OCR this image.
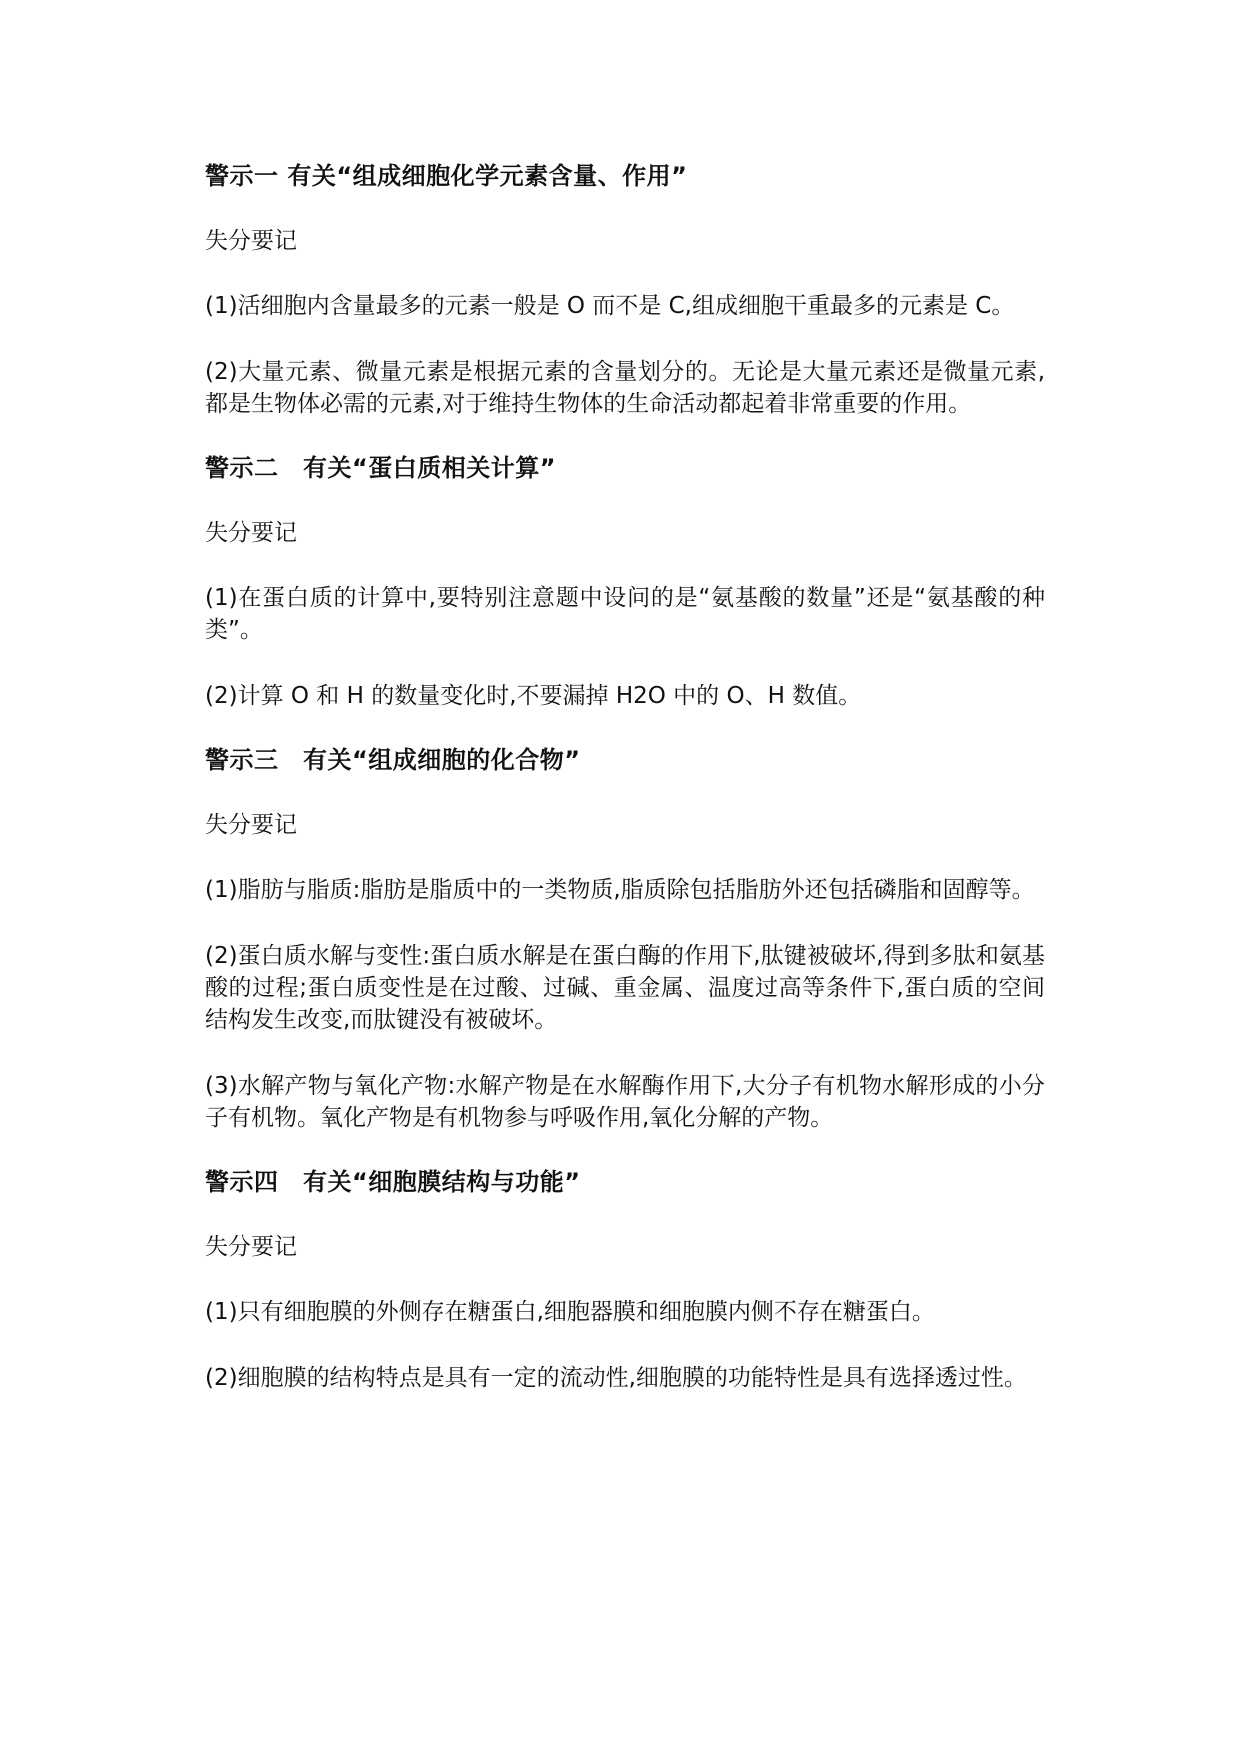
警示一 有关“组成细胞化学元素含量、作用”

失分要记

(1)活细胞内含量最多的元素一般是 O 而不是 C,组成细胞干重最多的元素是 C。

(2)大量元素、微量元素是根据元素的含量划分的。无论是大量元素还是微量元素,都是生物体必需的元素,对于维持生物体的生命活动都起着非常重要的作用。

警示二　有关“蛋白质相关计算”

失分要记

(1)在蛋白质的计算中,要特别注意题中设问的是“氨基酸的数量”还是“氨基酸的种类”。

(2)计算 O 和 H 的数量变化时,不要漏掉 H2O 中的 O、H 数值。

警示三　有关“组成细胞的化合物”

失分要记

(1)脂肪与脂质:脂肪是脂质中的一类物质,脂质除包括脂肪外还包括磷脂和固醇等。

(2)蛋白质水解与变性:蛋白质水解是在蛋白酶的作用下,肽键被破坏,得到多肽和氨基酸的过程;蛋白质变性是在过酸、过碱、重金属、温度过高等条件下,蛋白质的空间结构发生改变,而肽键没有被破坏。

(3)水解产物与氧化产物:水解产物是在水解酶作用下,大分子有机物水解形成的小分子有机物。氧化产物是有机物参与呼吸作用,氧化分解的产物。

警示四　有关“细胞膜结构与功能”

失分要记

(1)只有细胞膜的外侧存在糖蛋白,细胞器膜和细胞膜内侧不存在糖蛋白。

(2)细胞膜的结构特点是具有一定的流动性,细胞膜的功能特性是具有选择透过性。
